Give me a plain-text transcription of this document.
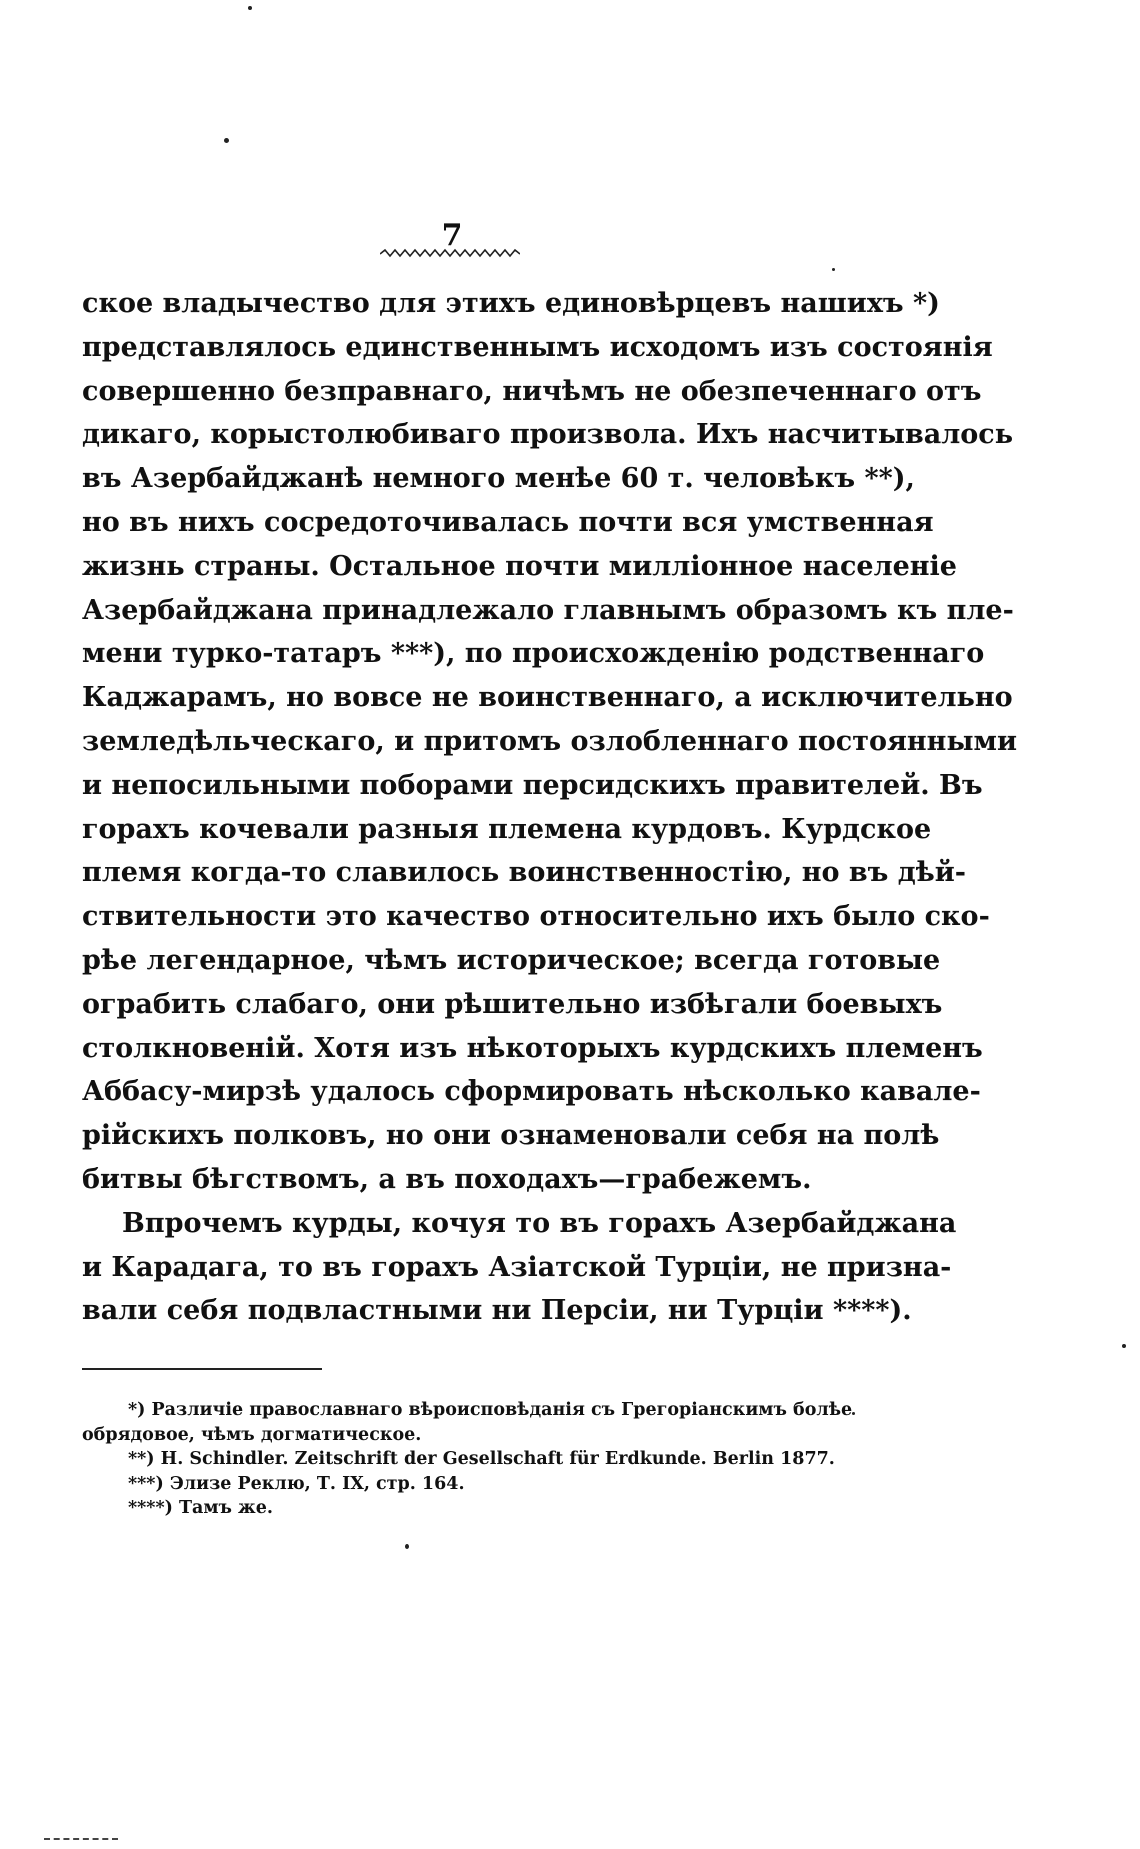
7
ское владычество для этихъ единовѣрцевъ нашихъ *)
представлялось единственнымъ исходомъ изъ состоянія
совершенно безправнаго, ничѣмъ не обезпеченнаго отъ
дикаго, корыстолюбиваго произвола. Ихъ насчитывалось
въ Азербайджанѣ немного менѣе 60 т. человѣкъ **),
но въ нихъ сосредоточивалась почти вся умственная
жизнь страны. Остальное почти милліонное населеніе
Азербайджана принадлежало главнымъ образомъ къ пле-
мени турко-татаръ ***), по происхожденію родственнаго
Каджарамъ, но вовсе не воинственнаго, а исключительно
земледѣльческаго, и притомъ озлобленнаго постоянными
и непосильными поборами персидскихъ правителей. Въ
горахъ кочевали разныя племена курдовъ. Курдское
племя когда-то славилось воинственностію, но въ дѣй-
ствительности это качество относительно ихъ было ско-
рѣе легендарное, чѣмъ историческое; всегда готовые
ограбить слабаго, они рѣшительно избѣгали боевыхъ
столкновеній. Хотя изъ нѣкоторыхъ курдскихъ племенъ
Аббасу-мирзѣ удалось сформировать нѣсколько кавале-
рійскихъ полковъ, но они ознаменовали себя на полѣ
битвы бѣгствомъ, а въ походахъ—грабежемъ.
Впрочемъ курды, кочуя то въ горахъ Азербайджана
и Карадага, то въ горахъ Азіатской Турціи, не призна-
вали себя подвластными ни Персіи, ни Турціи ****).
*) Различіе православнаго вѣроисповѣданія съ Грегоріанскимъ болѣе
обрядовое, чѣмъ догматическое.
**) H. Schindler. Zeitschrift der Gesellschaft für Erdkunde. Berlin 1877.
***) Элизе Реклю, Т. IX, стр. 164.
****) Тамъ же.
